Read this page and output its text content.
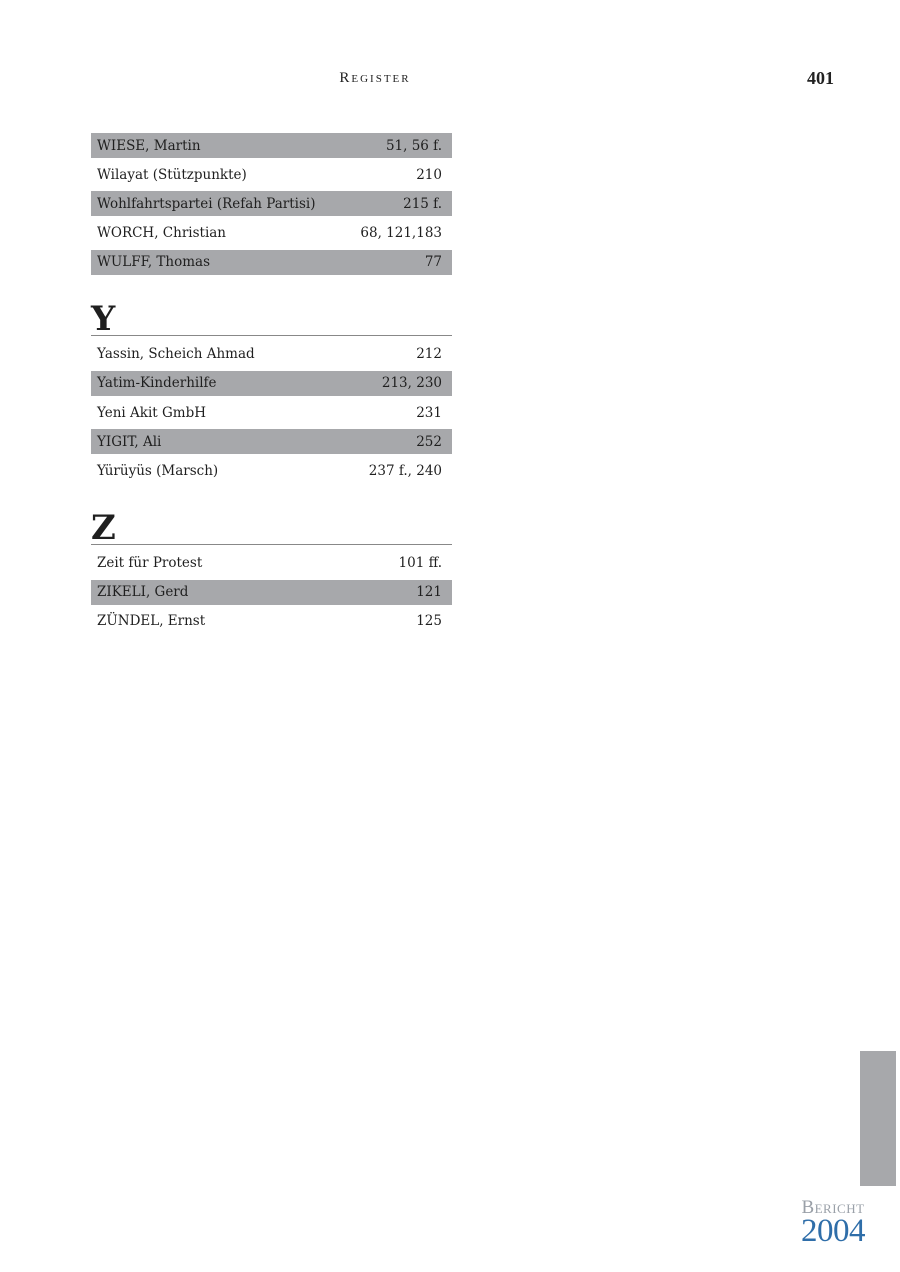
Register	401
WIESE, Martin	51, 56 f.
Wilayat (Stützpunkte)	210
Wohlfahrtspartei (Refah Partisi)	215 f.
WORCH, Christian	68, 121,183
WULFF, Thomas	77
Y
Yassin, Scheich Ahmad	212
Yatim-Kinderhilfe	213, 230
Yeni Akit GmbH	231
YIGIT, Ali	252
Yürüyüs (Marsch)	237 f., 240
Z
Zeit für Protest	101 ff.
ZIKELI, Gerd	121
ZÜNDEL, Ernst	125
Bericht
2004
